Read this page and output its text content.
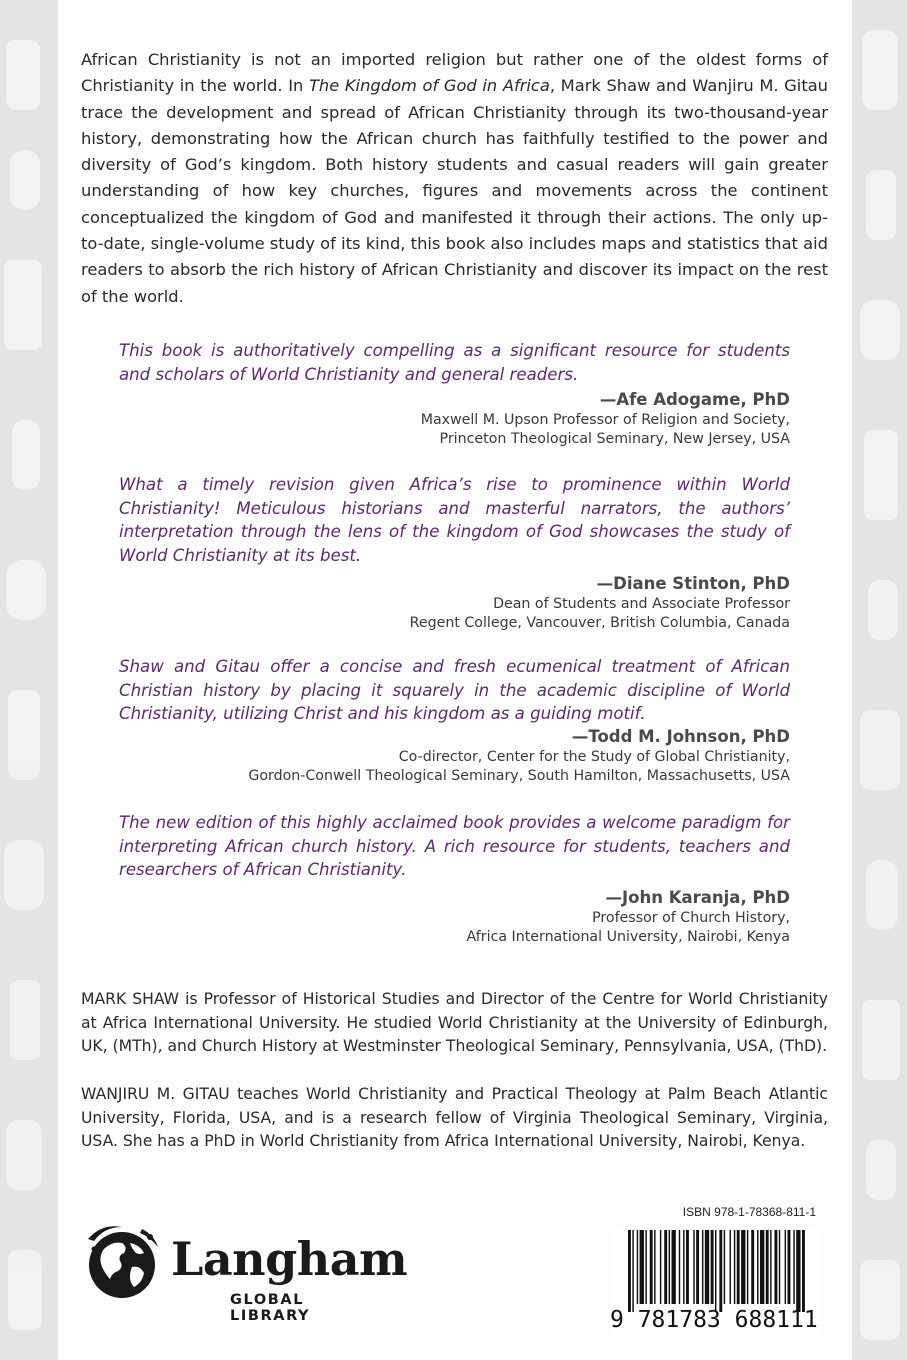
African Christianity is not an imported religion but rather one of the oldest forms of Christianity in the world. In The Kingdom of God in Africa, Mark Shaw and Wanjiru M. Gitau trace the development and spread of African Christianity through its two-thousand-year history, demonstrating how the African church has faithfully testified to the power and diversity of God’s kingdom. Both history students and casual readers will gain greater understanding of how key churches, figures and movements across the continent conceptualized the kingdom of God and manifested it through their actions. The only up-to-date, single-volume study of its kind, this book also includes maps and statistics that aid readers to absorb the rich history of African Christianity and discover its impact on the rest of the world.

This book is authoritatively compelling as a significant resource for students and scholars of World Christianity and general readers.

—Afe Adogame, PhD
Maxwell M. Upson Professor of Religion and Society,
Princeton Theological Seminary, New Jersey, USA

What a timely revision given Africa’s rise to prominence within World Christianity! Meticulous historians and masterful narrators, the authors’ interpretation through the lens of the kingdom of God showcases the study of World Christianity at its best.

—Diane Stinton, PhD
Dean of Students and Associate Professor
Regent College, Vancouver, British Columbia, Canada

Shaw and Gitau offer a concise and fresh ecumenical treatment of African Christian history by placing it squarely in the academic discipline of World Christianity, utilizing Christ and his kingdom as a guiding motif.

—Todd M. Johnson, PhD
Co-director, Center for the Study of Global Christianity,
Gordon-Conwell Theological Seminary, South Hamilton, Massachusetts, USA

The new edition of this highly acclaimed book provides a welcome paradigm for interpreting African church history. A rich resource for students, teachers and researchers of African Christianity.

—John Karanja, PhD
Professor of Church History,
Africa International University, Nairobi, Kenya

MARK SHAW is Professor of Historical Studies and Director of the Centre for World Christianity at Africa International University. He studied World Christianity at the University of Edinburgh, UK, (MTh), and Church History at Westminster Theological Seminary, Pennsylvania, USA, (ThD).

WANJIRU M. GITAU teaches World Christianity and Practical Theology at Palm Beach Atlantic University, Florida, USA, and is a research fellow of Virginia Theological Seminary, Virginia, USA. She has a PhD in World Christianity from Africa International University, Nairobi, Kenya.

Langham
GLOBAL LIBRARY
ISBN 978-1-78368-811-1
9 781783 688111
